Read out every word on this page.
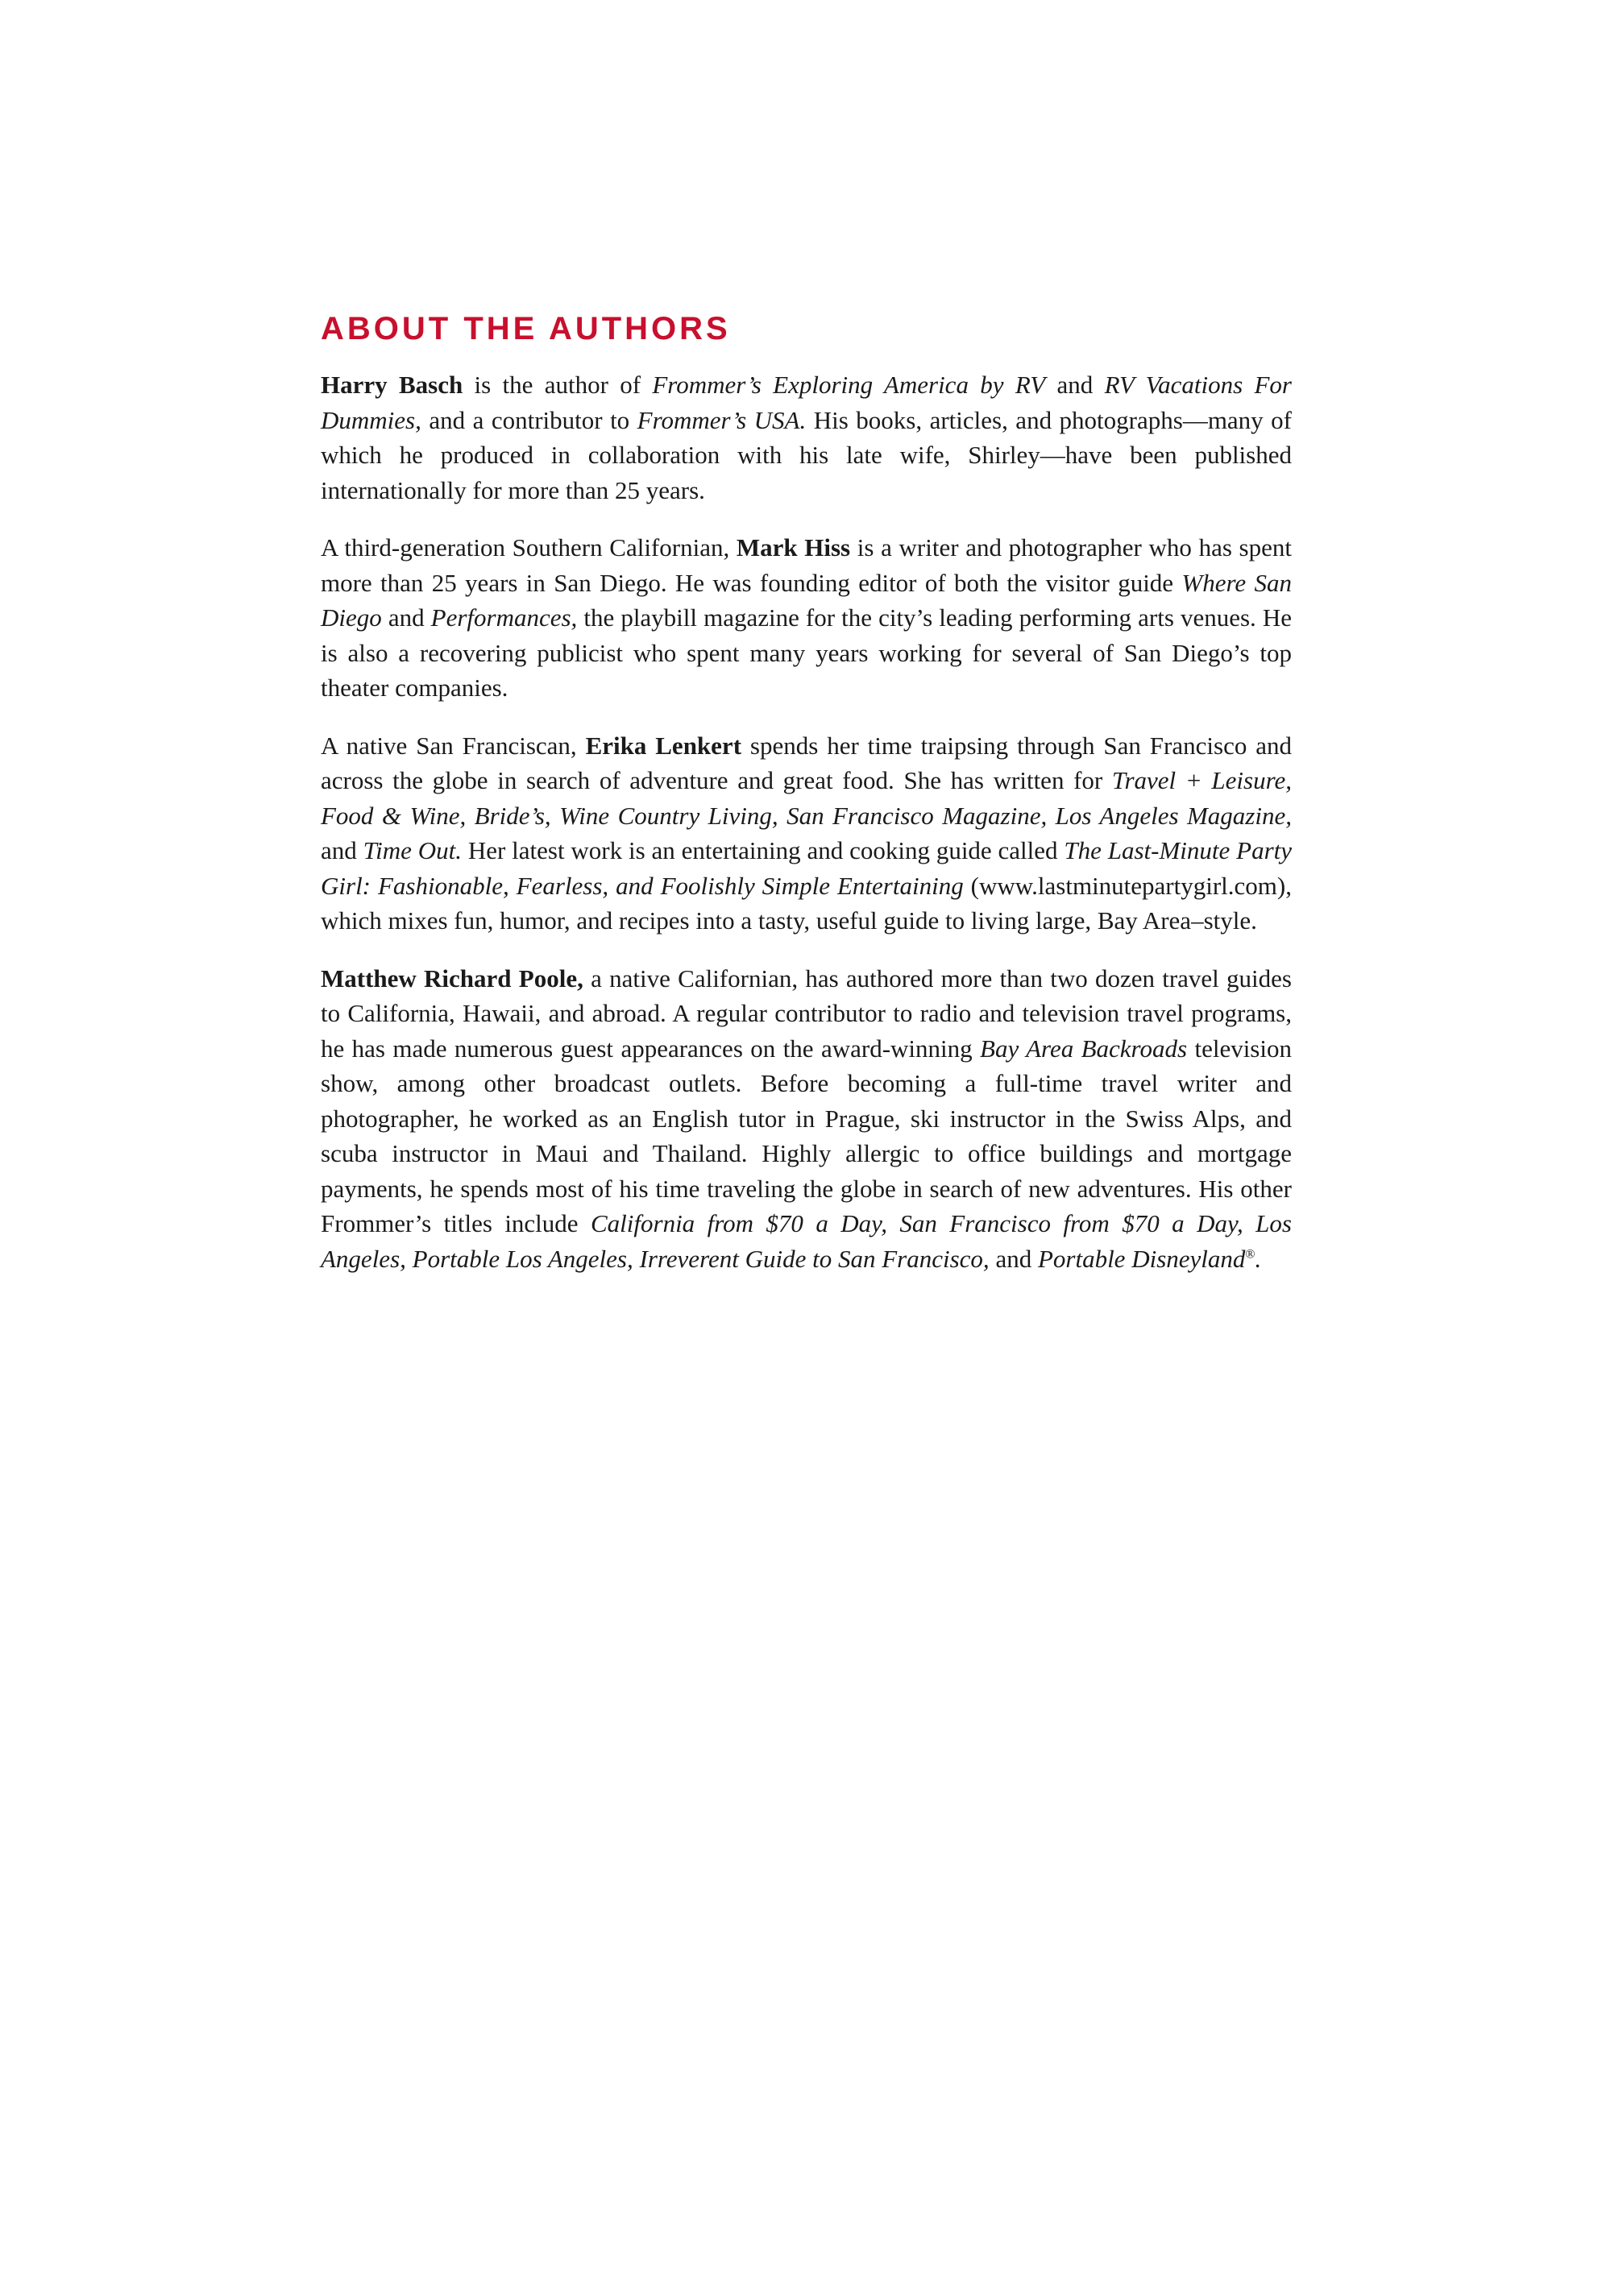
ABOUT THE AUTHORS

Harry Basch is the author of Frommer’s Exploring America by RV and RV Vacations For Dummies, and a contributor to Frommer’s USA. His books, articles, and photographs—many of which he produced in collaboration with his late wife, Shirley—have been published internationally for more than 25 years.

A third-generation Southern Californian, Mark Hiss is a writer and photographer who has spent more than 25 years in San Diego. He was founding editor of both the visitor guide Where San Diego and Performances, the playbill magazine for the city’s leading performing arts venues. He is also a recovering publicist who spent many years working for several of San Diego’s top theater companies.

A native San Franciscan, Erika Lenkert spends her time traipsing through San Francisco and across the globe in search of adventure and great food. She has written for Travel + Leisure, Food & Wine, Bride’s, Wine Country Living, San Francisco Magazine, Los Angeles Magazine, and Time Out. Her latest work is an entertaining and cooking guide called The Last-Minute Party Girl: Fashionable, Fearless, and Foolishly Simple Entertaining (www.lastminutepartygirl.com), which mixes fun, humor, and recipes into a tasty, useful guide to living large, Bay Area–style.

Matthew Richard Poole, a native Californian, has authored more than two dozen travel guides to California, Hawaii, and abroad. A regular contributor to radio and television travel programs, he has made numerous guest appearances on the award-winning Bay Area Backroads television show, among other broadcast outlets. Before becoming a full-time travel writer and photographer, he worked as an English tutor in Prague, ski instructor in the Swiss Alps, and scuba instructor in Maui and Thailand. Highly allergic to office buildings and mortgage payments, he spends most of his time traveling the globe in search of new adventures. His other Frommer’s titles include California from $70 a Day, San Francisco from $70 a Day, Los Angeles, Portable Los Angeles, Irreverent Guide to San Francisco, and Portable Disneyland®.
